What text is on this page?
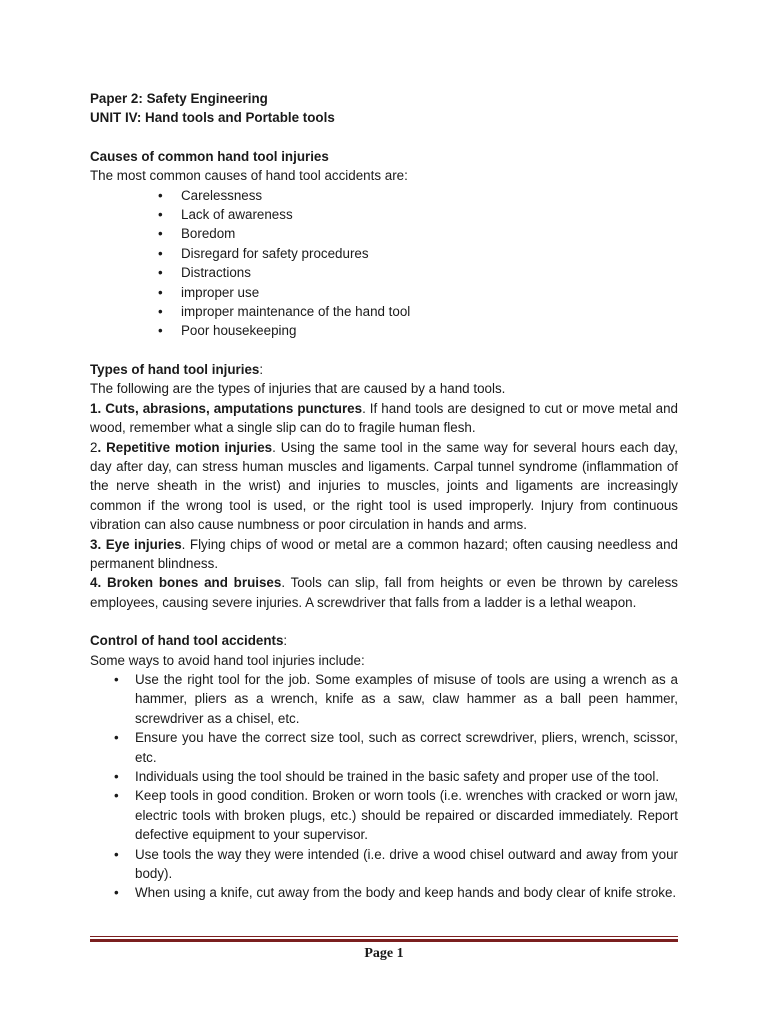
Paper 2: Safety Engineering
UNIT IV: Hand tools and Portable tools
Causes of common hand tool injuries
The most common causes of hand tool accidents are:
• Carelessness
• Lack of awareness
• Boredom
• Disregard for safety procedures
• Distractions
• improper use
• improper maintenance of the hand tool
• Poor housekeeping
Types of hand tool injuries:
The following are the types of injuries that are caused by a hand tools.
1. Cuts, abrasions, amputations punctures. If hand tools are designed to cut or move metal and wood, remember what a single slip can do to fragile human flesh.
2. Repetitive motion injuries. Using the same tool in the same way for several hours each day, day after day, can stress human muscles and ligaments. Carpal tunnel syndrome (inflammation of the nerve sheath in the wrist) and injuries to muscles, joints and ligaments are increasingly common if the wrong tool is used, or the right tool is used improperly. Injury from continuous vibration can also cause numbness or poor circulation in hands and arms.
3. Eye injuries. Flying chips of wood or metal are a common hazard; often causing needless and permanent blindness.
4. Broken bones and bruises. Tools can slip, fall from heights or even be thrown by careless employees, causing severe injuries. A screwdriver that falls from a ladder is a lethal weapon.
Control of hand tool accidents:
Some ways to avoid hand tool injuries include:
• Use the right tool for the job. Some examples of misuse of tools are using a wrench as a hammer, pliers as a wrench, knife as a saw, claw hammer as a ball peen hammer, screwdriver as a chisel, etc.
• Ensure you have the correct size tool, such as correct screwdriver, pliers, wrench, scissor, etc.
• Individuals using the tool should be trained in the basic safety and proper use of the tool.
• Keep tools in good condition. Broken or worn tools (i.e. wrenches with cracked or worn jaw, electric tools with broken plugs, etc.) should be repaired or discarded immediately. Report defective equipment to your supervisor.
• Use tools the way they were intended (i.e. drive a wood chisel outward and away from your body).
• When using a knife, cut away from the body and keep hands and body clear of knife stroke.
Page 1
